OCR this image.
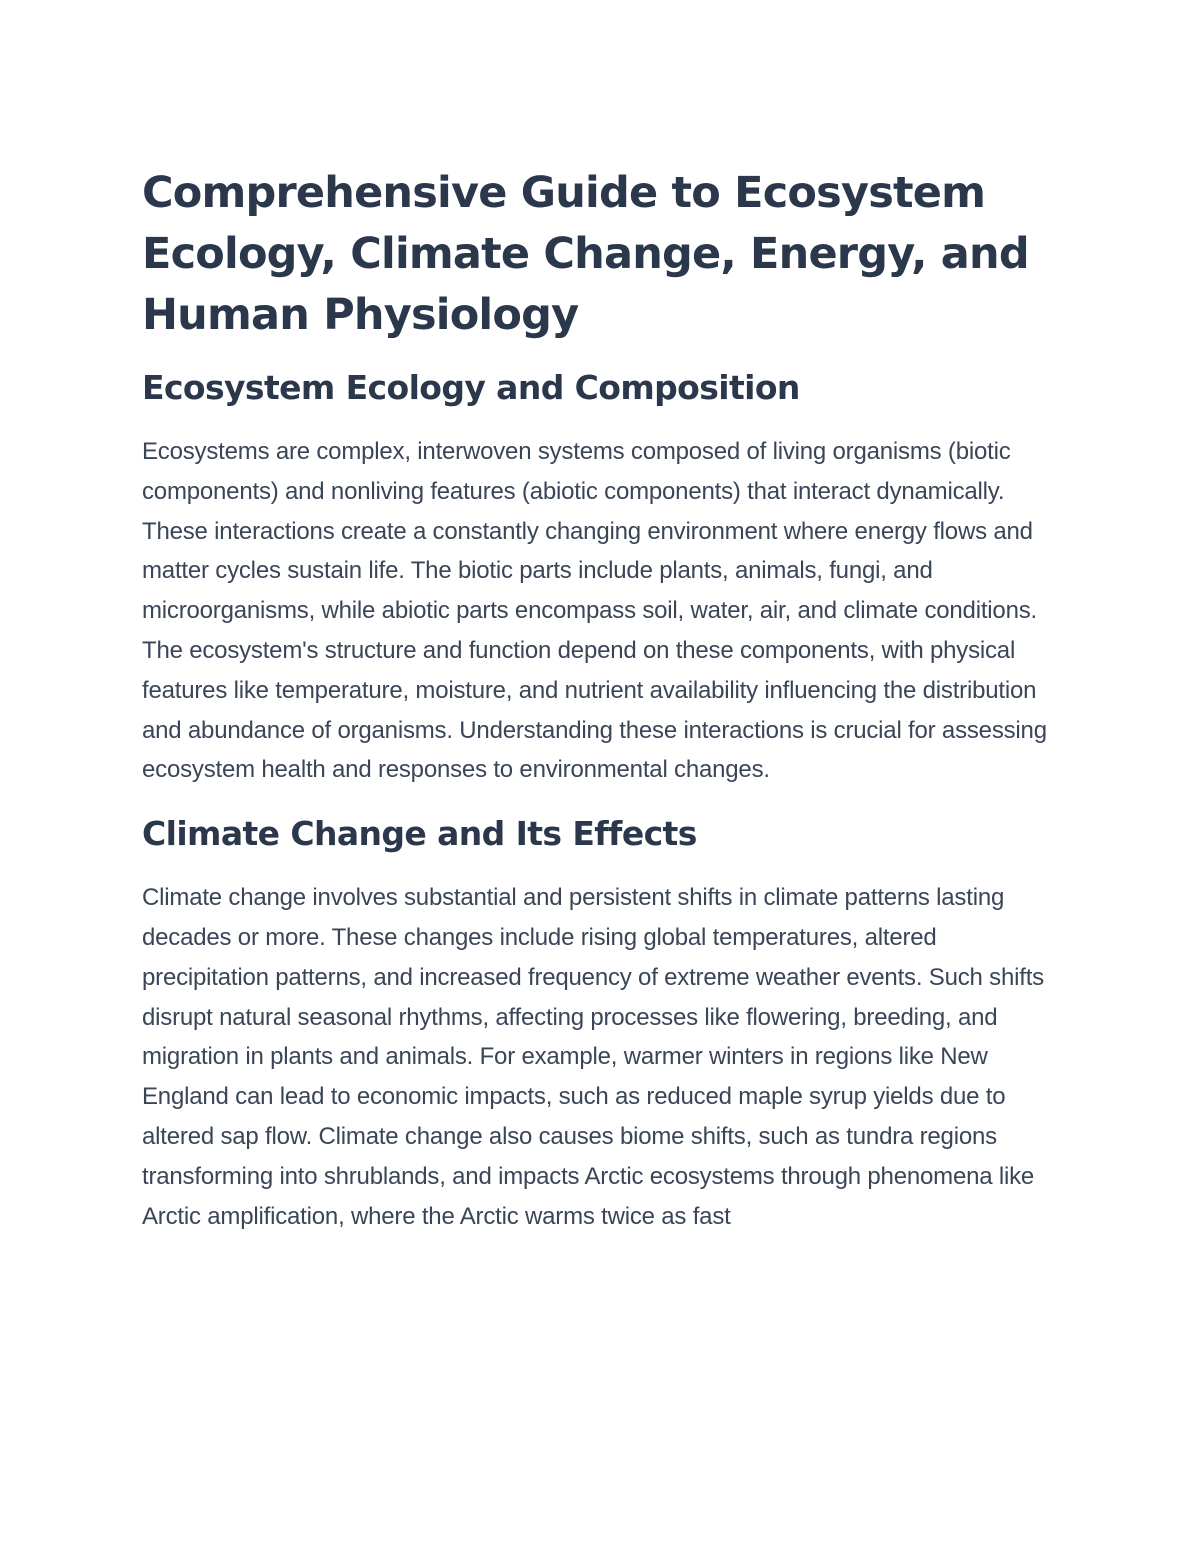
Comprehensive Guide to Ecosystem Ecology, Climate Change, Energy, and Human Physiology
Ecosystem Ecology and Composition

Ecosystems are complex, interwoven systems composed of living organisms (biotic components) and nonliving features (abiotic components) that interact dynamically. These interactions create a constantly changing environment where energy flows and matter cycles sustain life. The biotic parts include plants, animals, fungi, and microorganisms, while abiotic parts encompass soil, water, air, and climate conditions. The ecosystem's structure and function depend on these components, with physical features like temperature, moisture, and nutrient availability influencing the distribution and abundance of organisms. Understanding these interactions is crucial for assessing ecosystem health and responses to environmental changes.

Climate Change and Its Effects

Climate change involves substantial and persistent shifts in climate patterns lasting decades or more. These changes include rising global temperatures, altered precipitation patterns, and increased frequency of extreme weather events. Such shifts disrupt natural seasonal rhythms, affecting processes like flowering, breeding, and migration in plants and animals. For example, warmer winters in regions like New England can lead to economic impacts, such as reduced maple syrup yields due to altered sap flow. Climate change also causes biome shifts, such as tundra regions transforming into shrublands, and impacts Arctic ecosystems through phenomena like Arctic amplification, where the Arctic warms twice as fast
